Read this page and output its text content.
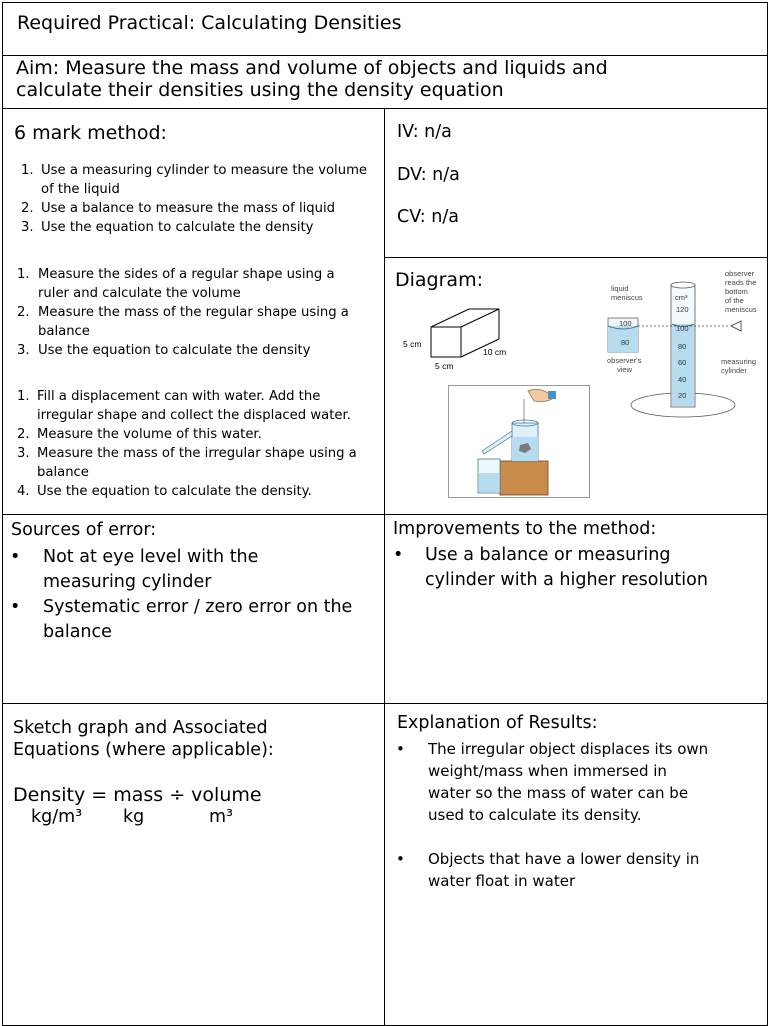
Required Practical: Calculating Densities
Aim: Measure the mass and volume of objects and liquids and
calculate their densities using the density equation
6 mark method:
1. Use a measuring cylinder to measure the volume
of the liquid
2. Use a balance to measure the mass of liquid
3. Use the equation to calculate the density
1. Measure the sides of a regular shape using a
ruler and calculate the volume
2. Measure the mass of the regular shape using a
balance
3. Use the equation to calculate the density
1. Fill a displacement can with water. Add the
irregular shape and collect the displaced water.
2. Measure the volume of this water.
3. Measure the mass of the irregular shape using a
balance
4. Use the equation to calculate the density.
IV: n/a
DV: n/a
CV: n/a
Diagram:
5 cm
10 cm
5 cm
liquid meniscus
observer reads the bottom of the meniscus
observer's view
measuring cylinder
100
80
cm³
120
100
80
60
40
20
Sources of error:
• Not at eye level with the
measuring cylinder
• Systematic error / zero error on the
balance
Improvements to the method:
• Use a balance or measuring
cylinder with a higher resolution
Sketch graph and Associated
Equations (where applicable):
Density = mass ÷ volume
kg/m³ kg	m³
Explanation of Results:
• The irregular object displaces its own
weight/mass when immersed in
water so the mass of water can be
used to calculate its density.
• Objects that have a lower density in
water float in water
